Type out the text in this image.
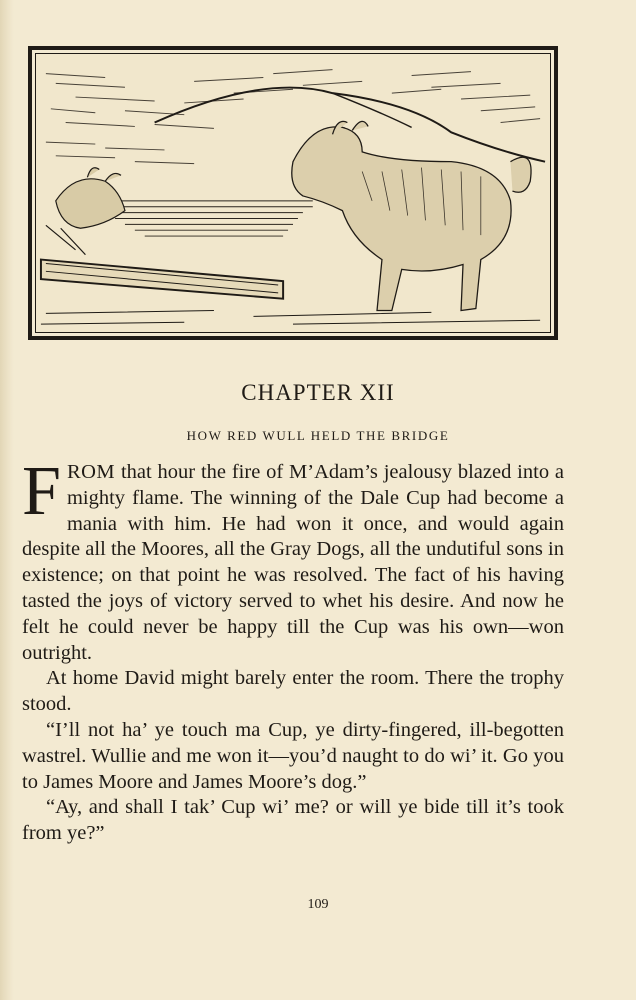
CHAPTER XII
HOW RED WULL HELD THE BRIDGE

FROM that hour the fire of M’Adam’s jealousy blazed into a mighty flame. The winning of the Dale Cup had become a mania with him. He had won it once, and would again despite all the Moores, all the Gray Dogs, all the undutiful sons in existence; on that point he was resolved. The fact of his having tasted the joys of victory served to whet his desire. And now he felt he could never be happy till the Cup was his own—won outright.

At home David might barely enter the room. There the trophy stood.

“I’ll not ha’ ye touch ma Cup, ye dirty-fingered, ill-begotten wastrel. Wullie and me won it—you’d naught to do wi’ it. Go you to James Moore and James Moore’s dog.”

“Ay, and shall I tak’ Cup wi’ me? or will ye bide till it’s took from ye?”

109
